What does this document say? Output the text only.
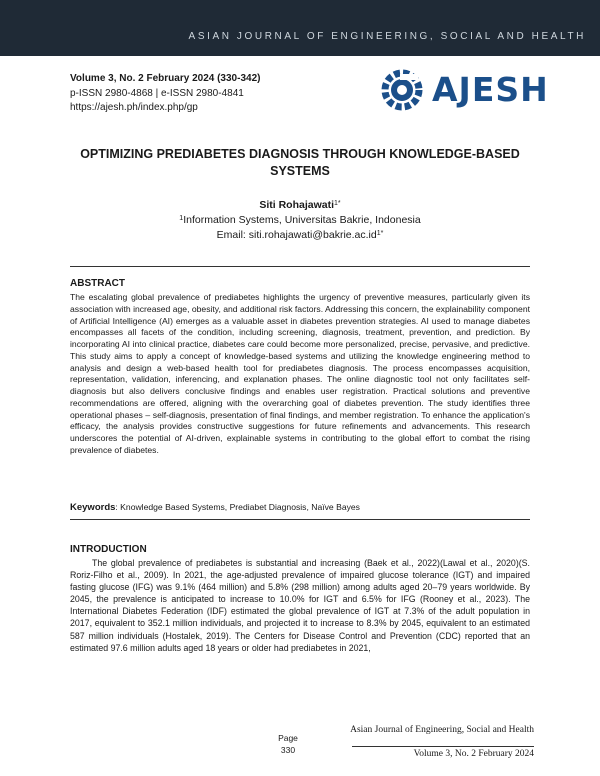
ASIAN JOURNAL OF ENGINEERING, SOCIAL AND HEALTH
Volume 3, No. 2 February 2024 (330-342)
p-ISSN 2980-4868 | e-ISSN 2980-4841
https://ajesh.ph/index.php/gp	AJESH
OPTIMIZING PREDIABETES DIAGNOSIS THROUGH KNOWLEDGE-BASED
SYSTEMS
Siti Rohajawati$^{1*}$
$^1$Information Systems, Universitas Bakrie, Indonesia
Email: $siti.rohajawati@bakrie.ac.id^{1*}$
ABSTRACT
The escalating global prevalence of prediabetes highlights the urgency of preventive measures, particularly given its association with increased age, obesity, and additional risk factors. Addressing this concern, the explainability component of Artificial Intelligence (AI) emerges as a valuable asset in diabetes prevention strategies. AI used to manage diabetes encompasses all facets of the condition, including screening, diagnosis, treatment, prevention, and prediction. By incorporating AI into clinical practice, diabetes care could become more personalized, precise, pervasive, and predictive. This study aims to apply a concept of knowledge-based systems and utilizing the knowledge engineering method to analysis and design a web-based health tool for prediabetes diagnosis. The process encompasses acquisition, representation, validation, inferencing, and explanation phases. The online diagnostic tool not only facilitates self-diagnosis but also delivers conclusive findings and enables user registration. Practical solutions and preventive recommendations are offered, aligning with the overarching goal of diabetes prevention. The study identifies three operational phases – self-diagnosis, presentation of final findings, and member registration. To enhance the application's efficacy, the analysis provides constructive suggestions for future refinements and advancements. This research underscores the potential of AI-driven, explainable systems in contributing to the global effort to combat the rising prevalence of diabetes.
Keywords: Knowledge Based Systems, Prediabet Diagnosis, Naïve Bayes
INTRODUCTION
The global prevalence of prediabetes is substantial and increasing (Baek et al., 2022)(Lawal et al., 2020)(S. Roriz-Filho et al., 2009). In 2021, the age-adjusted prevalence of impaired glucose tolerance (IGT) and impaired fasting glucose (IFG) was 9.1% (464 million) and 5.8% (298 million) among adults aged 20–79 years worldwide. By 2045, the prevalence is anticipated to increase to 10.0% for IGT and 6.5% for IFG (Rooney et al., 2023). The International Diabetes Federation (IDF) estimated the global prevalence of IGT at 7.3% of the adult population in 2017, equivalent to 352.1 million individuals, and projected it to increase to 8.3% by 2045, equivalent to an estimated 587 million individuals (Hostalek, 2019). The Centers for Disease Control and Prevention (CDC) reported that an estimated 97.6 million adults aged 18 years or older had prediabetes in 2021,
Page
330
Asian Journal of Engineering, Social and Health
Volume 3, No. 2 February 2024
